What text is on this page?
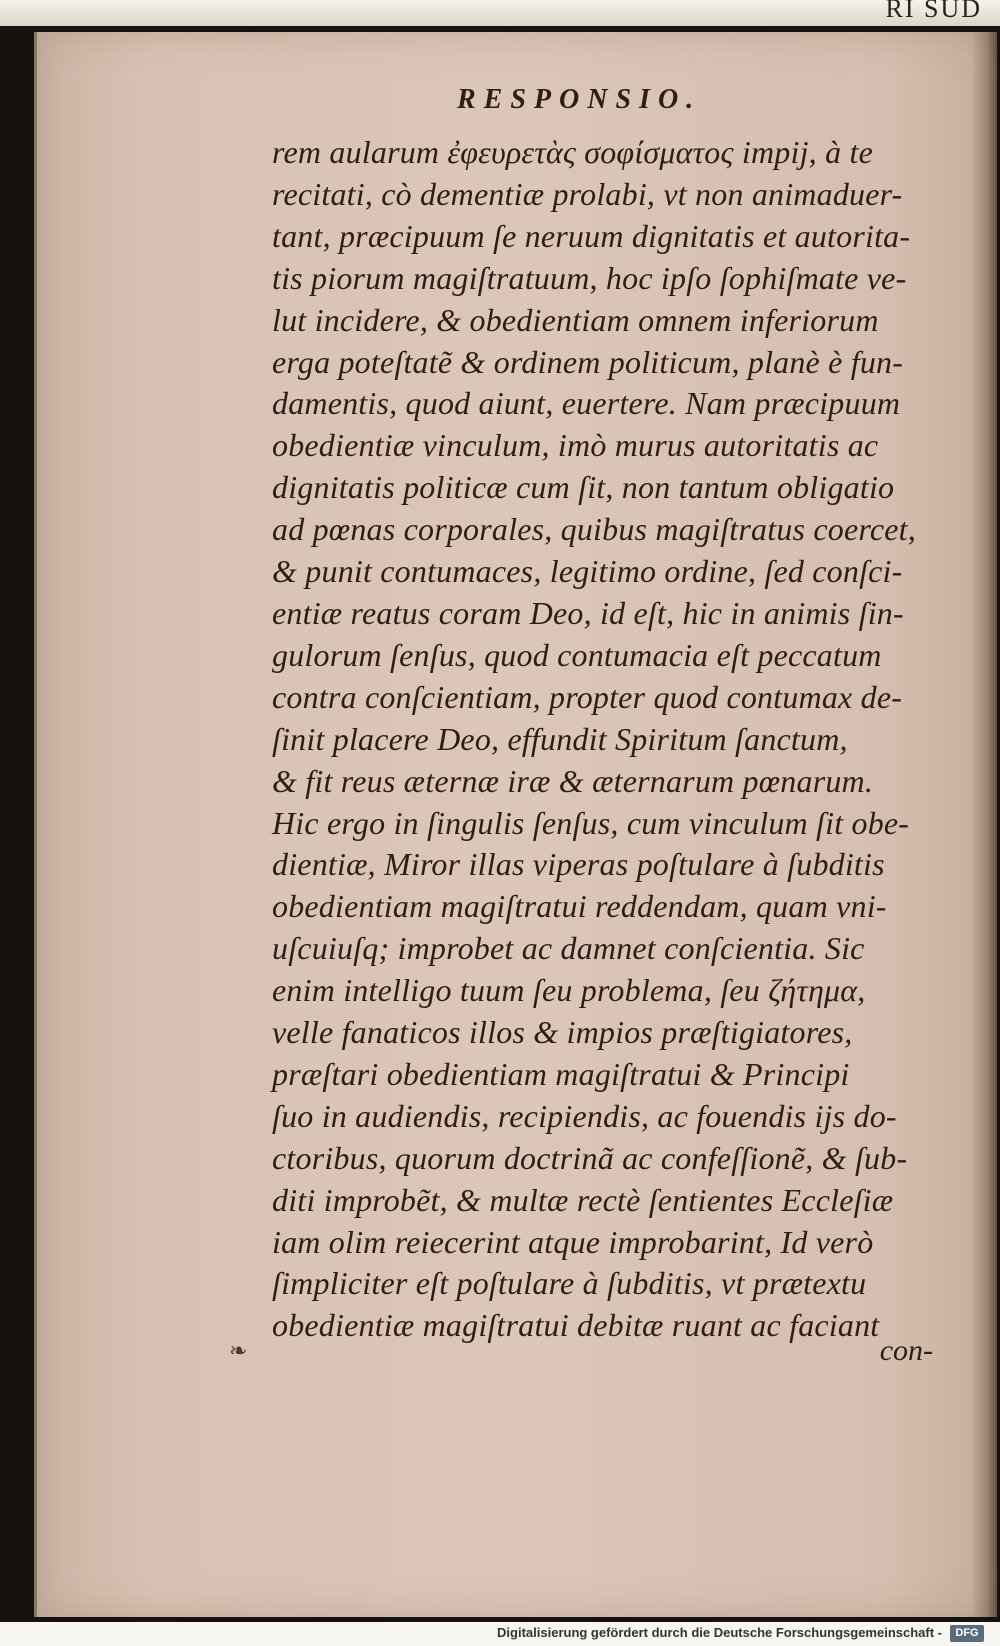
RI SUD
RESPONSIO.
rem aularum ἐφευρετὰς σοφίσματος impij, à te
recitati, cò dementiæ prolabi, vt non animaduer-
tant, præcipuum ſe neruum dignitatis et autorita-
tis piorum magiſtratuum, hoc ipſo ſophiſmate ve-
lut incidere, & obedientiam omnem inferiorum
erga poteſtatẽ & ordinem politicum, planè è fun-
damentis, quod aiunt, euertere. Nam præcipuum
obedientiæ vinculum, imò murus autoritatis ac
dignitatis politicæ cum ſit, non tantum obligatio
ad pœnas corporales, quibus magiſtratus coercet,
& punit contumaces, legitimo ordine, ſed conſci-
entiæ reatus coram Deo, id eſt, hic in animis ſin-
gulorum ſenſus, quod contumacia eſt peccatum
contra conſcientiam, propter quod contumax de-
ſinit placere Deo, effundit Spiritum ſanctum,
& fit reus æternæ iræ & æternarum pœnarum.
Hic ergo in ſingulis ſenſus, cum vinculum ſit obe-
dientiæ, Miror illas viperas poſtulare à ſubditis
obedientiam magiſtratui reddendam, quam vni-
uſcuiuſq; improbet ac damnet conſcientia. Sic
enim intelligo tuum ſeu problema, ſeu ζήτημα,
velle fanaticos illos & impios præſtigiatores,
præſtari obedientiam magiſtratui & Principi
ſuo in audiendis, recipiendis, ac fouendis ijs do-
ctoribus, quorum doctrinã ac confeſſionẽ, & ſub-
diti improbẽt, & multæ rectè ſentientes Eccleſiæ
iam olim reiecerint atque improbarint, Id verò
ſimpliciter eſt poſtulare à ſubditis, vt prætextu
obedientiæ magiſtratui debitæ ruant ac faciant
❧	con-
Digitalisierung gefördert durch die Deutsche Forschungsgemeinschaft -	DFG
